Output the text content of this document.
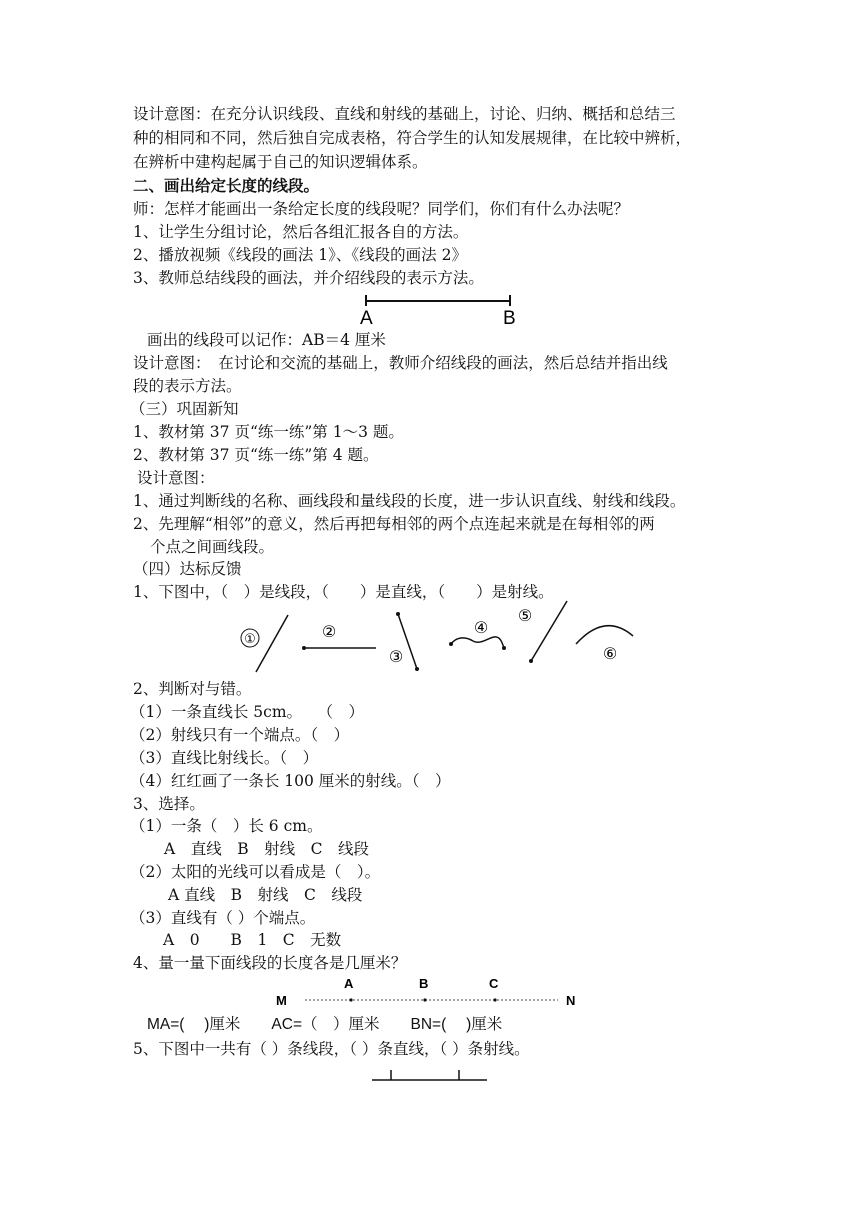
设计意图：在充分认识线段、直线和射线的基础上，讨论、归纳、概括和总结三
种的相同和不同，然后独自完成表格，符合学生的认知发展规律，在比较中辨析，
在辨析中建构起属于自己的知识逻辑体系。
二、画出给定长度的线段。
师：怎样才能画出一条给定长度的线段呢？同学们，你们有什么办法呢？
1、让学生分组讨论，然后各组汇报各自的方法。
2、播放视频《线段的画法 1》、《线段的画法 2》
3、教师总结线段的画法，并介绍线段的表示方法。
A	B
画出的线段可以记作：AB＝4 厘米
设计意图：　在讨论和交流的基础上，教师介绍线段的画法，然后总结并指出线
段的表示方法。
（三）巩固新知
1、教材第 37 页“练一练”第 1～3 题。
2、教材第 37 页“练一练”第 4 题。
设计意图：
1、通过判断线的名称、画线段和量线段的长度，进一步认识直线、射线和线段。
2、先理解“相邻”的意义，然后再把每相邻的两个点连起来就是在每相邻的两
个点之间画线段。
（四）达标反馈
1、下图中，（　）是线段，（　　）是直线，（　　）是射线。
①	②
③
④
⑤
⑥
2、判断对与错。
（1）一条直线长 5cm。　　（　）
（2）射线只有一个端点。（　）
（3）直线比射线长。（　）
（4）红红画了一条长 100 厘米的射线。（　）
3、选择。
（1）一条（　）长 6 cm。
A　直线　B　射线　C　线段
（2）太阳的光线可以看成是（　）。
A 直线　B　射线　C　线段
（3）直线有（ ）个端点。
A　0　　B　1　C　无数
4、量一量下面线段的长度各是几厘米？
M
A	B	C
N
MA=(　 )厘米　　AC=（　）厘米　　BN=(　 )厘米
5、下图中一共有（ ）条线段，（ ）条直线，（ ）条射线。
